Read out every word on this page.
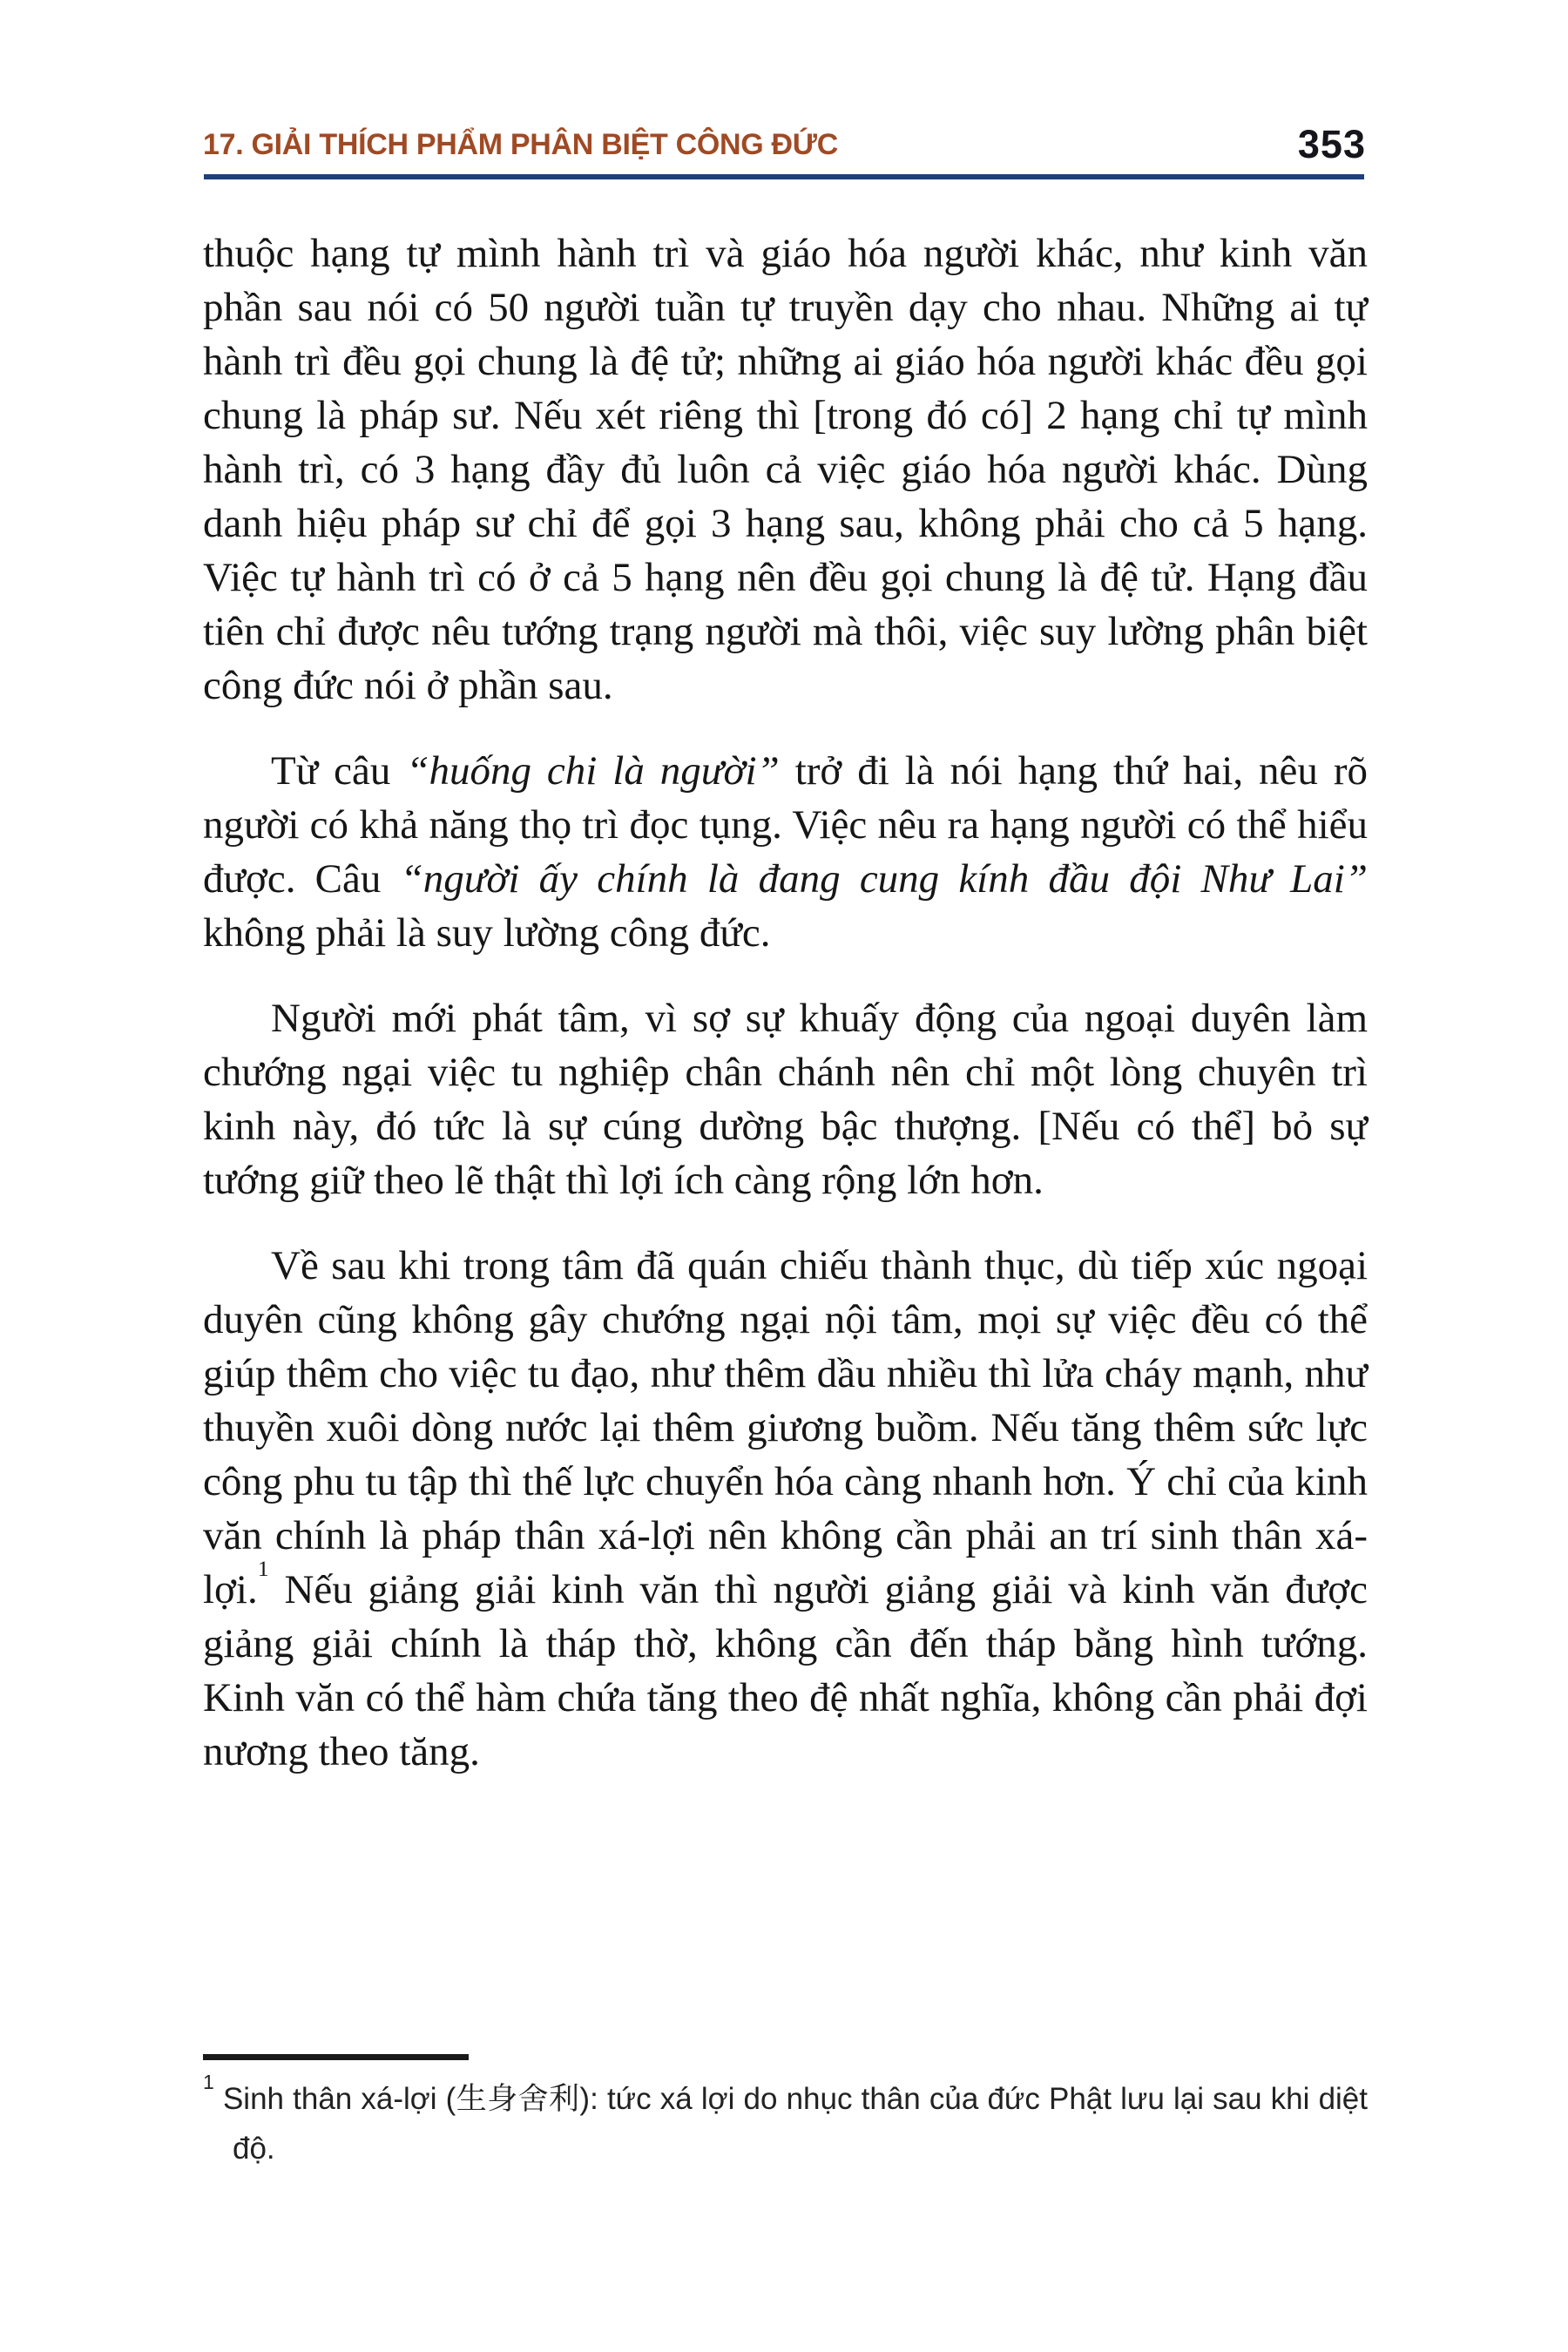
17. GIẢI THÍCH PHẨM PHÂN BIỆT CÔNG ĐỨC	353

thuộc hạng tự mình hành trì và giáo hóa người khác, như kinh văn phần sau nói có 50 người tuần tự truyền dạy cho nhau. Những ai tự hành trì đều gọi chung là đệ tử; những ai giáo hóa người khác đều gọi chung là pháp sư. Nếu xét riêng thì [trong đó có] 2 hạng chỉ tự mình hành trì, có 3 hạng đầy đủ luôn cả việc giáo hóa người khác. Dùng danh hiệu pháp sư chỉ để gọi 3 hạng sau, không phải cho cả 5 hạng. Việc tự hành trì có ở cả 5 hạng nên đều gọi chung là đệ tử. Hạng đầu tiên chỉ được nêu tướng trạng người mà thôi, việc suy lường phân biệt công đức nói ở phần sau.

Từ câu “huống chi là người” trở đi là nói hạng thứ hai, nêu rõ người có khả năng thọ trì đọc tụng. Việc nêu ra hạng người có thể hiểu được. Câu “người ấy chính là đang cung kính đầu đội Như Lai” không phải là suy lường công đức.

Người mới phát tâm, vì sợ sự khuấy động của ngoại duyên làm chướng ngại việc tu nghiệp chân chánh nên chỉ một lòng chuyên trì kinh này, đó tức là sự cúng dường bậc thượng. [Nếu có thể] bỏ sự tướng giữ theo lẽ thật thì lợi ích càng rộng lớn hơn.

Về sau khi trong tâm đã quán chiếu thành thục, dù tiếp xúc ngoại duyên cũng không gây chướng ngại nội tâm, mọi sự việc đều có thể giúp thêm cho việc tu đạo, như thêm dầu nhiều thì lửa cháy mạnh, như thuyền xuôi dòng nước lại thêm giương buồm. Nếu tăng thêm sức lực công phu tu tập thì thế lực chuyển hóa càng nhanh hơn. Ý chỉ của kinh văn chính là pháp thân xá-lợi nên không cần phải an trí sinh thân xá-lợi.$^1$ Nếu giảng giải kinh văn thì người giảng giải và kinh văn được giảng giải chính là tháp thờ, không cần đến tháp bằng hình tướng. Kinh văn có thể hàm chứa tăng theo đệ nhất nghĩa, không cần phải đợi nương theo tăng.

$^1$ Sinh thân xá-lợi (生身舍利): tức xá lợi do nhục thân của đức Phật lưu lại sau khi diệt độ.
